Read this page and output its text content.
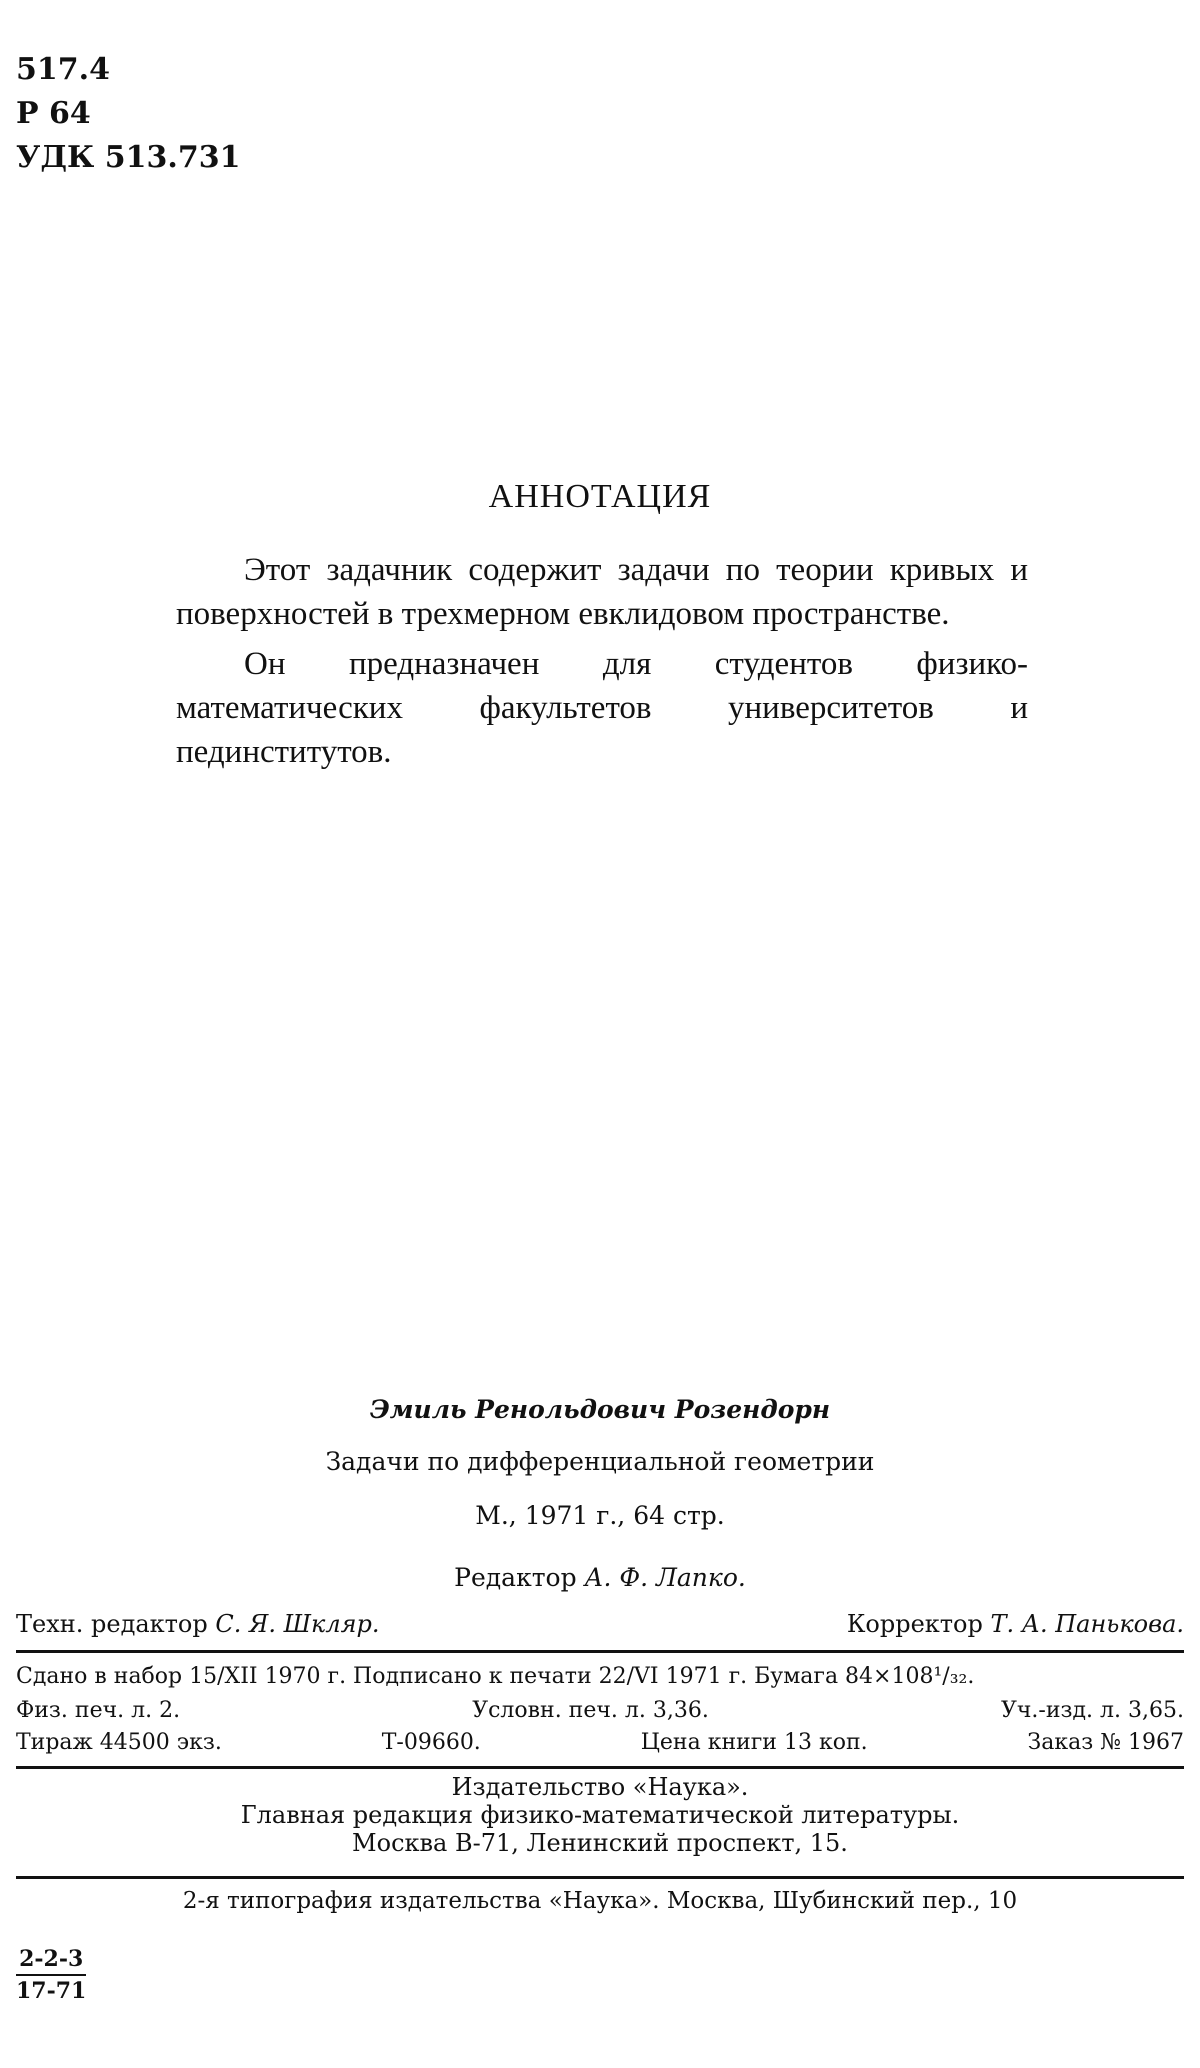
517.4
Р 64
УДК 513.731
АННОТАЦИЯ

Этот задачник содержит задачи по теории кривых и поверхностей в трехмерном евклидовом пространстве.

Он предназначен для студентов физико-математических факультетов университетов и пединститутов.

Эмиль Ренольдович Розендорн
Задачи по дифференциальной геометрии
М., 1971 г., 64 стр.
Редактор А. Ф. Лапко.
Техн. редактор С. Я. Шкляр.	Корректор Т. А. Панькова.
Сдано в набор 15/XII 1970 г. Подписано к печати 22/VI 1971 г. Бумага 84×108¹/₃₂.
Физ. печ. л. 2.	Условн. печ. л. 3,36.	Уч.-изд. л. 3,65.
Тираж 44500 экз.	Т-09660.	Цена книги 13 коп.	Заказ № 1967
Издательство «Наука».
Главная редакция физико-математической литературы.
Москва В-71, Ленинский проспект, 15.
2-я типография издательства «Наука». Москва, Шубинский пер., 10
$\frac{2-2-3}{17-71}$
